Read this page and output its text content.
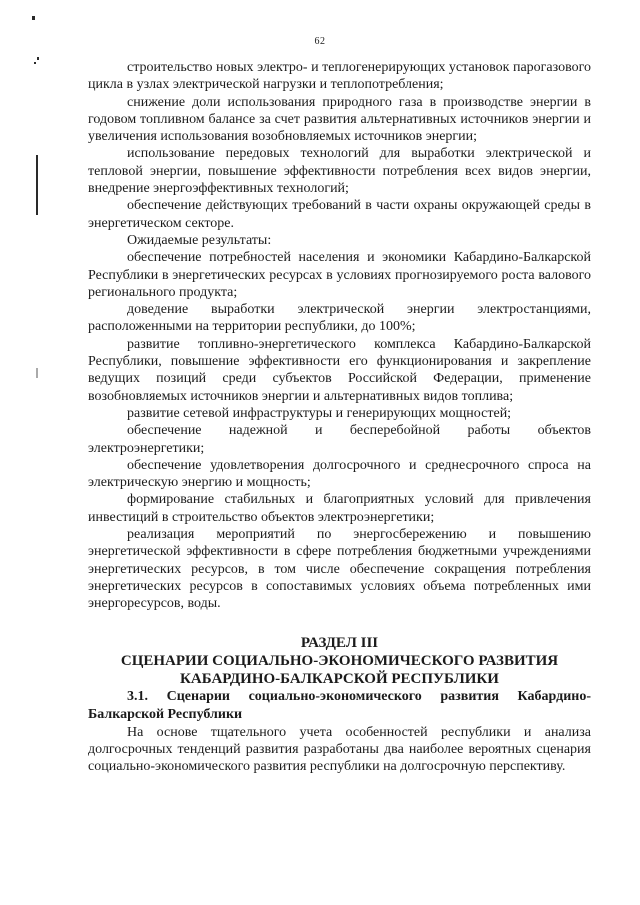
62

строительство новых электро- и теплогенерирующих установок парогазового цикла в узлах электрической нагрузки и теплопотребления;

снижение доли использования природного газа в производстве энергии в годовом топливном балансе за счет развития альтернативных источников энергии и увеличения использования возобновляемых источников энергии;

использование передовых технологий для выработки электрической и тепловой энергии, повышение эффективности потребления всех видов энергии, внедрение энергоэффективных технологий;

обеспечение действующих требований в части охраны окружающей среды в энергетическом секторе.

Ожидаемые результаты:

обеспечение потребностей населения и экономики Кабардино-Балкарской Республики в энергетических ресурсах в условиях прогнозируемого роста валового регионального продукта;

доведение выработки электрической энергии электростанциями, расположенными на территории республики, до 100%;

развитие топливно-энергетического комплекса Кабардино-Балкарской Республики, повышение эффективности его функционирования и закрепление ведущих позиций среди субъектов Российской Федерации, применение возобновляемых источников энергии и альтернативных видов топлива;

развитие сетевой инфраструктуры и генерирующих мощностей;

обеспечение надежной и бесперебойной работы объектов электроэнергетики;

обеспечение удовлетворения долгосрочного и среднесрочного спроса на электрическую энергию и мощность;

формирование стабильных и благоприятных условий для привлечения инвестиций в строительство объектов электроэнергетики;

реализация мероприятий по энергосбережению и повышению энергетической эффективности в сфере потребления бюджетными учреждениями энергетических ресурсов, в том числе обеспечение сокращения потребления энергетических ресурсов в сопоставимых условиях объема потребленных ими энергоресурсов, воды.

РАЗДЕЛ III

СЦЕНАРИИ СОЦИАЛЬНО-ЭКОНОМИЧЕСКОГО РАЗВИТИЯ

КАБАРДИНО-БАЛКАРСКОЙ РЕСПУБЛИКИ

3.1. Сценарии социально-экономического развития Кабардино-Балкарской Республики

На основе тщательного учета особенностей республики и анализа долгосрочных тенденций развития разработаны два наиболее вероятных сценария социально-экономического развития республики на долгосрочную перспективу.
